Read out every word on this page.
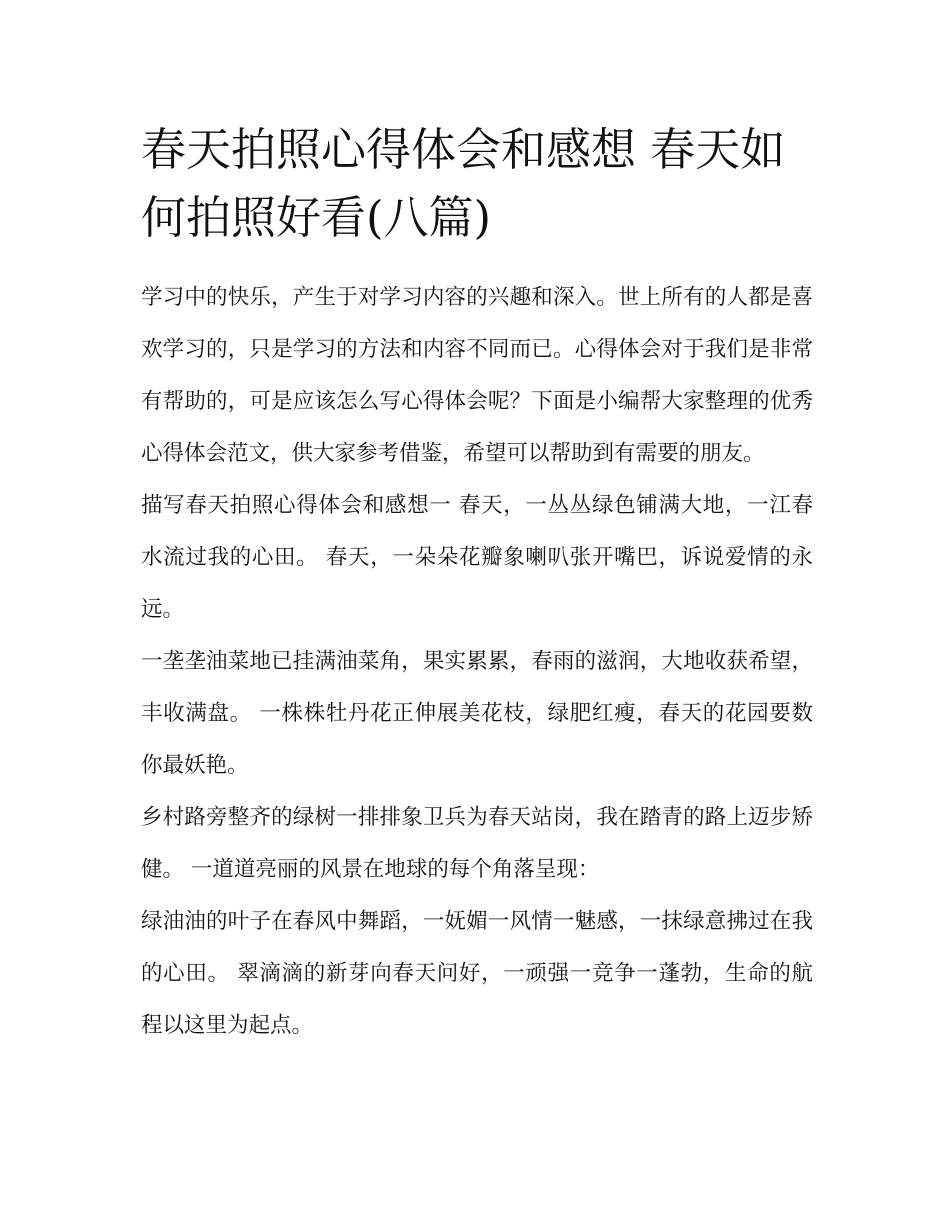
春天拍照心得体会和感想 春天如何拍照好看(八篇)

学习中的快乐，产生于对学习内容的兴趣和深入。世上所有的人都是喜欢学习的，只是学习的方法和内容不同而已。心得体会对于我们是非常有帮助的，可是应该怎么写心得体会呢？下面是小编帮大家整理的优秀心得体会范文，供大家参考借鉴，希望可以帮助到有需要的朋友。

描写春天拍照心得体会和感想一 春天，一丛丛绿色铺满大地，一江春水流过我的心田。 春天，一朵朵花瓣象喇叭张开嘴巴，诉说爱情的永远。

一垄垄油菜地已挂满油菜角，果实累累，春雨的滋润，大地收获希望，丰收满盘。 一株株牡丹花正伸展美花枝，绿肥红瘦，春天的花园要数你最妖艳。

乡村路旁整齐的绿树一排排象卫兵为春天站岗，我在踏青的路上迈步矫健。 一道道亮丽的风景在地球的每个角落呈现：

绿油油的叶子在春风中舞蹈，一妩媚一风情一魅感，一抹绿意拂过在我的心田。 翠滴滴的新芽向春天问好，一顽强一竞争一蓬勃，生命的航程以这里为起点。
